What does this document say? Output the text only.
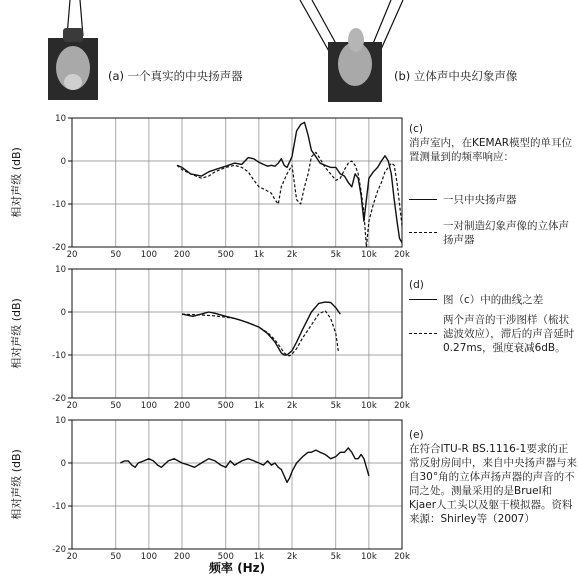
20	50 100 200	500 1k	2k	5k 10k 20k
10
0
-10
-20
相对声级 (dB)
20	50 100 200	500 1k	2k	5k 10k 20k
10
0
-10
-20
相对声级 (dB)
20	50 100 200	500 1k	2k	5k 10k 20k
10
0
-10
-20
相对声级 (dB)
频率 (Hz)
(a) 一个真实的中央扬声器	(b) 立体声中央幻象声像

(c)

消声室内，在KEMAR模型的单耳位置测量到的频率响应：

一只中央扬声器
一对制造幻象声像的立体声扬声器
(d)
图（c）中的曲线之差
两个声音的干涉图样（梳状滤波效应），滞后的声音延时0.27ms，强度衰减6dB。

(e)

在符合ITU-R BS.1116-1要求的正常反射房间中，来自中央扬声器与来自30°角的立体声扬声器的声音的不同之处。测量采用的是Bruel和Kjaer人工头以及躯干模拟器。资料来源：Shirley等（2007）
